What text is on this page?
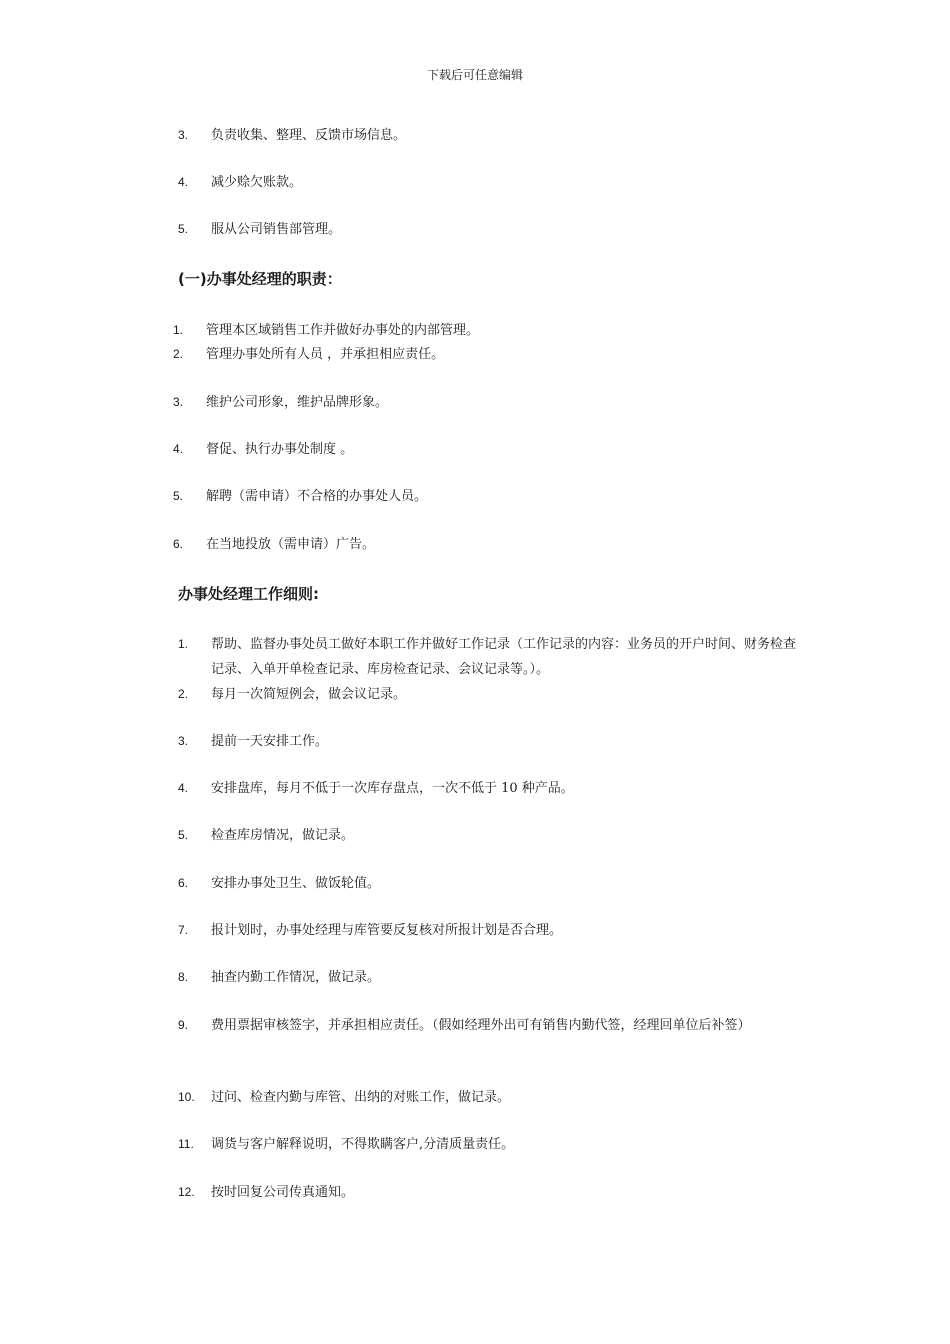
下载后可任意编辑
3. 负责收集、整理、反馈市场信息。
4. 减少赊欠账款。
5. 服从公司销售部管理。
(一)办事处经理的职责：
1. 管理本区域销售工作并做好办事处的内部管理。
2. 管理办事处所有人员 ，并承担相应责任。
3. 维护公司形象，维护品牌形象。
4. 督促、执行办事处制度 。
5. 解聘（需申请）不合格的办事处人员。
6. 在当地投放（需申请）广告。
办事处经理工作细则:
1. 帮助、监督办事处员工做好本职工作并做好工作记录（工作记录的内容：业务员的开户时间、财务检查记录、入单开单检查记录、库房检查记录、会议记录等。）。
2. 每月一次简短例会，做会议记录。
3. 提前一天安排工作。
4. 安排盘库，每月不低于一次库存盘点，一次不低于 10 种产品。
5. 检查库房情况，做记录。
6. 安排办事处卫生、做饭轮值。
7. 报计划时，办事处经理与库管要反复核对所报计划是否合理。
8. 抽查内勤工作情况，做记录。
9. 费用票据审核签字，并承担相应责任。（假如经理外出可有销售内勤代签，经理回单位后补签）
10. 过问、检查内勤与库管、出纳的对账工作，做记录。
11. 调货与客户解释说明，不得欺瞒客户,分清质量责任。
12. 按时回复公司传真通知。
